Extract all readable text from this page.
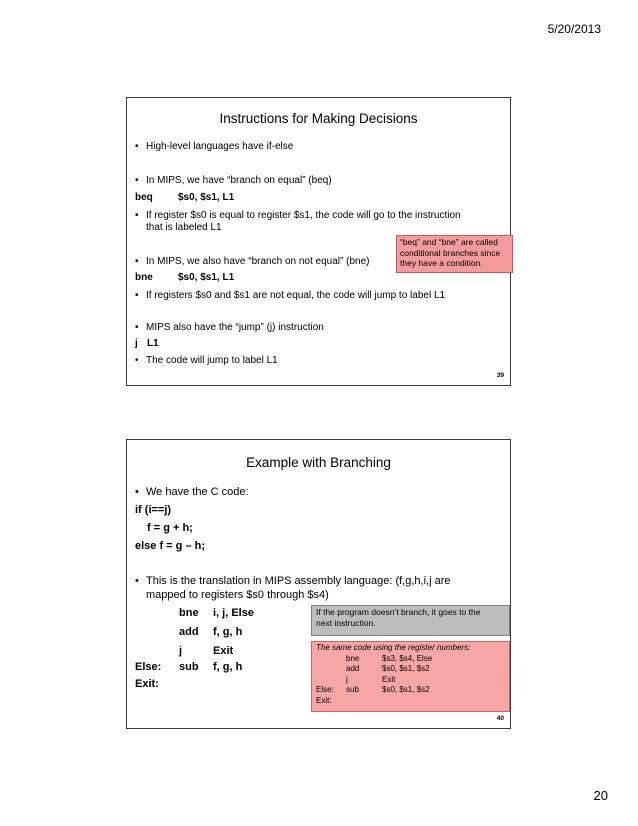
5/20/2013
Instructions for Making Decisions
• High-level languages have if-else
• In MIPS, we have “branch on equal” (beq)
beq	$s0, $s1, L1
• If register $s0 is equal to register $s1, the code will go to the instruction
that is labeled L1
• In MIPS, we also have “branch on not equal” (bne)
bne	$s0, $s1, L1
• If registers $s0 and $s1 are not equal, the code will jump to label L1
• MIPS also have the “jump” (j) instruction
j L1
• The code will jump to label L1
“beq” and “bne” are called
conditional branches since
they have a condition.
39
Example with Branching
• We have the C code:
if (i==j)
f = g + h;
else f = g – h;
• This is the translation in MIPS assembly language: (f,g,h,i,j are
mapped to registers $s0 through $s4)
bne i, j, Else
add f, g, h
j	Exit
Else: sub f, g, h
Exit:
If the program doesn’t branch, it goes to the
next instruction.
The same code using the register numbers:
bne	$s3, $s4, Else
add	$s0, $s1, $s2
j	Exit
Else: sub	$s0, $s1, $s2
Exit:
40
20
